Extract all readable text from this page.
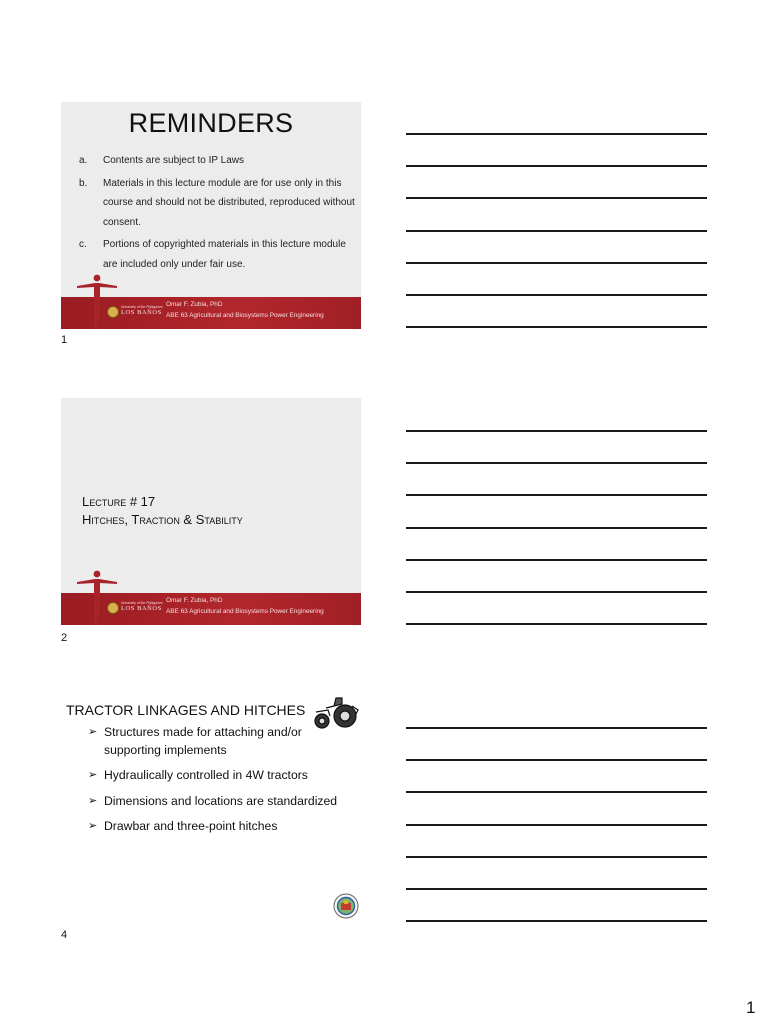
REMINDERS
a. Contents are subject to IP Laws
b. Materials in this lecture module are for use only in this course and should not be distributed, reproduced without consent.
c. Portions of copyrighted materials in this lecture module are included only under fair use.
University of the Philippines
LOS BAÑOS
Omar F. Zubia, PhD
ABE 63 Agricultural and Biosystems Power Engineering
1
Lecture # 17
Hitches, Traction & Stability
University of the Philippines
LOS BAÑOS
Omar F. Zubia, PhD
ABE 63 Agricultural and Biosystems Power Engineering
2
TRACTOR LINKAGES AND HITCHES
➢ Structures made for attaching and/or supporting implements
➢ Hydraulically controlled in 4W tractors
➢ Dimensions and locations are standardized
➢ Drawbar and three-point hitches
4
1
